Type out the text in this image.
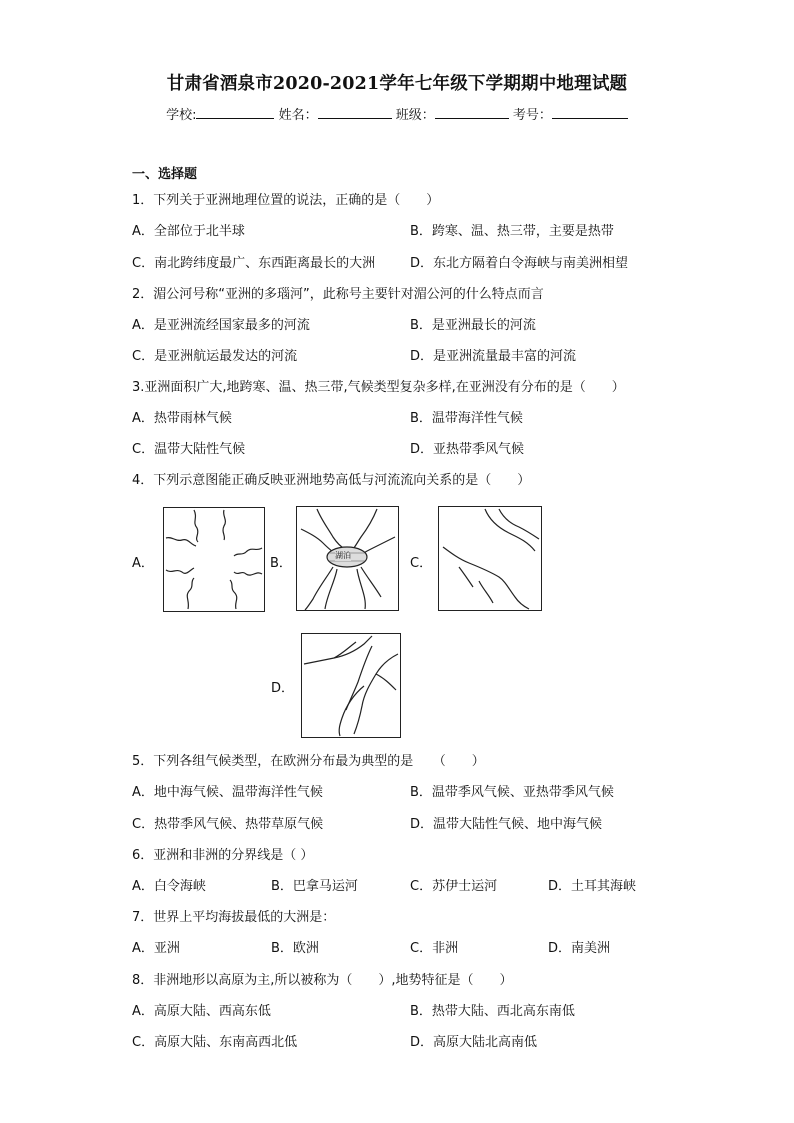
甘肃省酒泉市2020-2021学年七年级下学期期中地理试题
学校:	姓名：	班级：	考号：
一、选择题
1．下列关于亚洲地理位置的说法，正确的是（　　）
A．全部位于北半球	B．跨寒、温、热三带，主要是热带
C．南北跨纬度最广、东西距离最长的大洲	D．东北方隔着白令海峡与南美洲相望
2．湄公河号称“亚洲的多瑙河”，此称号主要针对湄公河的什么特点而言
A．是亚洲流经国家最多的河流	B．是亚洲最长的河流
C．是亚洲航运最发达的河流	D．是亚洲流量最丰富的河流
3.亚洲面积广大,地跨寒、温、热三带,气候类型复杂多样,在亚洲没有分布的是（　　）
A．热带雨林气候	B．温带海洋性气候
C．温带大陆性气候	D．亚热带季风气候
4．下列示意图能正确反映亚洲地势高低与河流流向关系的是（　　）
A．	B．
湖泊
C．
D．
5．下列各组气候类型，在欧洲分布最为典型的是　　（　　）
A．地中海气候、温带海洋性气候	B．温带季风气候、亚热带季风气候
C．热带季风气候、热带草原气候	D．温带大陆性气候、地中海气候
6．亚洲和非洲的分界线是（ ）
A．白令海峡	B．巴拿马运河	C．苏伊士运河	D．土耳其海峡
7．世界上平均海拔最低的大洲是：
A．亚洲	B．欧洲	C．非洲	D．南美洲
8．非洲地形以高原为主,所以被称为（　　）,地势特征是（　　）
A．高原大陆、西高东低	B．热带大陆、西北高东南低
C．高原大陆、东南高西北低	D．高原大陆北高南低
